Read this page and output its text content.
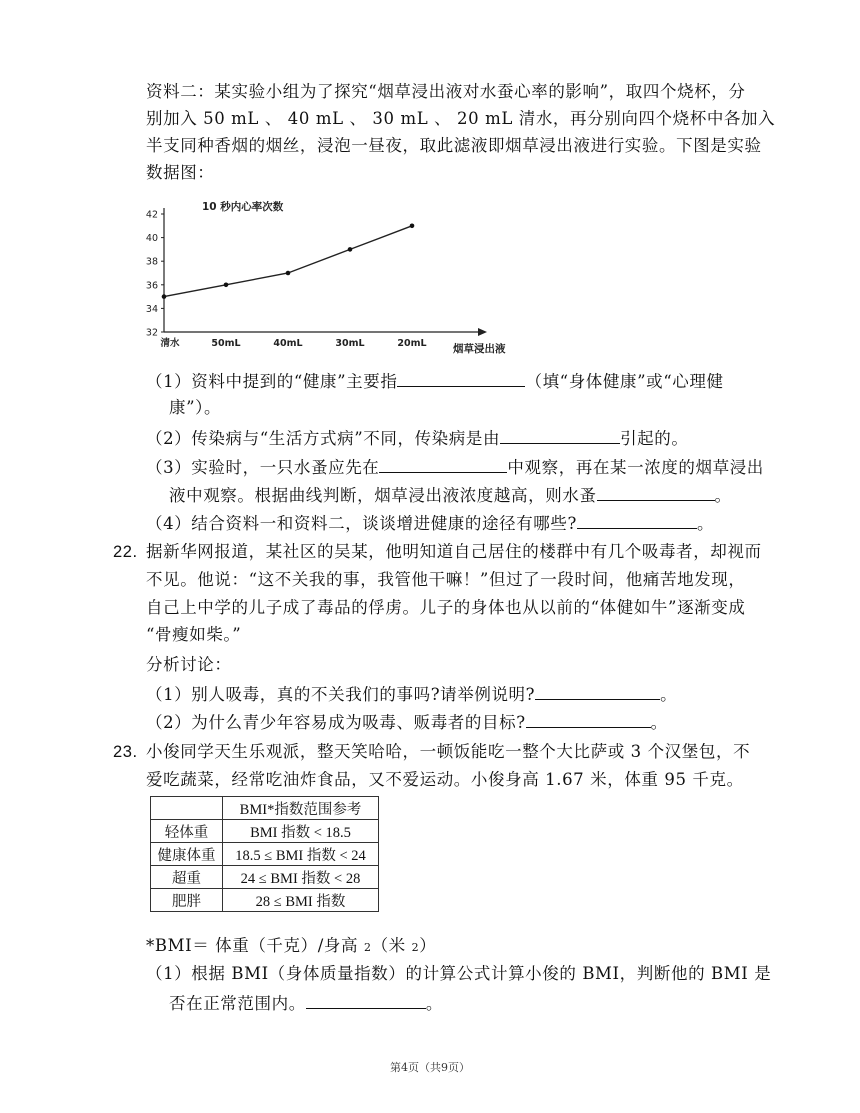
资料二：某实验小组为了探究“烟草浸出液对水蚕心率的影响”，取四个烧杯，分
别加入 50 mL 、 40 mL 、 30 mL 、 20 mL 清水，再分别向四个烧杯中各加入
半支同种香烟的烟丝，浸泡一昼夜，取此滤液即烟草浸出液进行实验。下图是实验
数据图：
10 秒内心率次数
烟草浸出液
32
34
36
38
40
42
清水	50mL	40mL	30mL	20mL
（1）资料中提到的“健康”主要指	（填“身体健康”或“心理健
康”）。
（2）传染病与“生活方式病”不同，传染病是由	引起的。
（3）实验时，一只水蚤应先在	中观察，再在某一浓度的烟草浸出
液中观察。根据曲线判断，烟草浸出液浓度越高，则水蚤	。
（4）结合资料一和资料二，谈谈增进健康的途径有哪些?	。
22. 据新华网报道，某社区的吴某，他明知道自己居住的楼群中有几个吸毒者，却视而
不见。他说：“这不关我的事，我管他干嘛！”但过了一段时间，他痛苦地发现，
自己上中学的儿子成了毒品的俘虏。儿子的身体也从以前的“体健如牛”逐渐变成
“骨瘦如柴。”
分析讨论：
（1）别人吸毒，真的不关我们的事吗?请举例说明?	。
（2）为什么青少年容易成为吸毒、贩毒者的目标?	。
23. 小俊同学天生乐观派，整天笑哈哈，一顿饭能吃一整个大比萨或 3 个汉堡包，不
爱吃蔬菜，经常吃油炸食品，又不爱运动。小俊身高 1.67 米，体重 95 千克。
	BMI*指数范围参考
轻体重	BMI 指数 < 18.5
健康体重	18.5 ≤ BMI 指数 < 24
超重	24 ≤ BMI 指数 < 28
肥胖	28 ≤ BMI 指数
*BMI＝ 体重（千克）/身高 2（米 2）
（1）根据 BMI（身体质量指数）的计算公式计算小俊的 BMI，判断他的 BMI 是
否在正常范围内。	。
第4页（共9页）
